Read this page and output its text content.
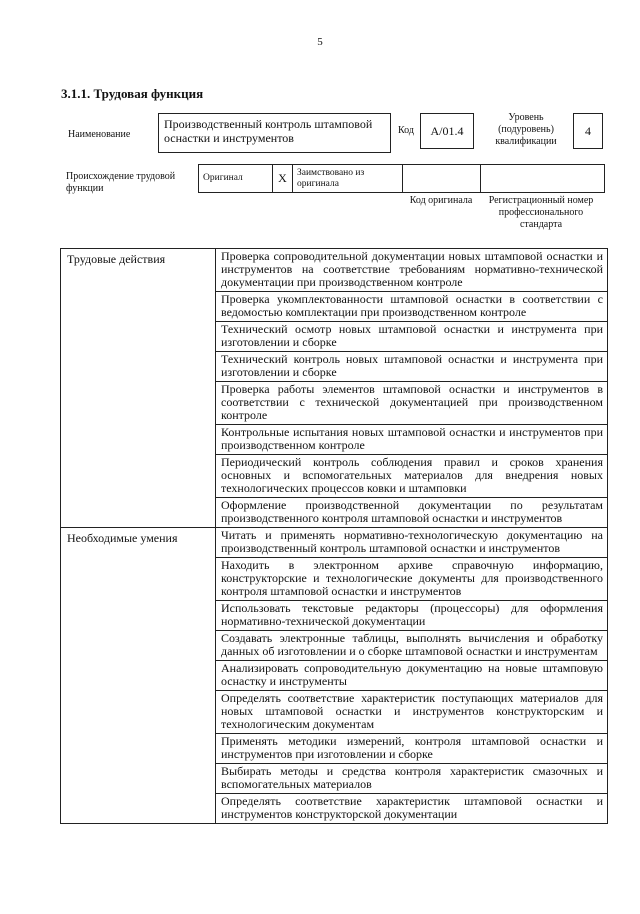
5
3.1.1. Трудовая функция
Наименование
Производственный контроль штамповой оснастки и инструментов
Код	А/01.4
Уровень (подуровень) квалификации
4
Происхождение трудовой функции
Оригинал	X	Заимствовано из оригинала		
Код оригинала	Регистрационный номер профессионального стандарта
Трудовые действия	Проверка сопроводительной документации новых штамповой оснастки и инструментов на соответствие требованиям нормативно-технической документации при производственном контроле
	Проверка укомплектованности штамповой оснастки в соответствии с ведомостью комплектации при производственном контроле
	Технический осмотр новых штамповой оснастки и инструмента при изготовлении и сборке
	Технический контроль новых штамповой оснастки и инструмента при изготовлении и сборке
	Проверка работы элементов штамповой оснастки и инструментов в соответствии с технической документацией при производственном контроле
	Контрольные испытания новых штамповой оснастки и инструментов при производственном контроле
	Периодический контроль соблюдения правил и сроков хранения основных и вспомогательных материалов для внедрения новых технологических процессов ковки и штамповки
	Оформление производственной документации по результатам производственного контроля штамповой оснастки и инструментов
Необходимые умения	Читать и применять нормативно-технологическую документацию на производственный контроль штамповой оснастки и инструментов
	Находить в электронном архиве справочную информацию, конструкторские и технологические документы для производственного контроля штамповой оснастки и инструментов
	Использовать текстовые редакторы (процессоры) для оформления нормативно-технической документации
	Создавать электронные таблицы, выполнять вычисления и обработку данных об изготовлении и о сборке штамповой оснастки и инструментам
	Анализировать сопроводительную документацию на новые штамповую оснастку и инструменты
	Определять соответствие характеристик поступающих материалов для новых штамповой оснастки и инструментов конструкторским и технологическим документам
	Применять методики измерений, контроля штамповой оснастки и инструментов при изготовлении и сборке
	Выбирать методы и средства контроля характеристик смазочных и вспомогательных материалов
	Определять соответствие характеристик штамповой оснастки и инструментов конструкторской документации
